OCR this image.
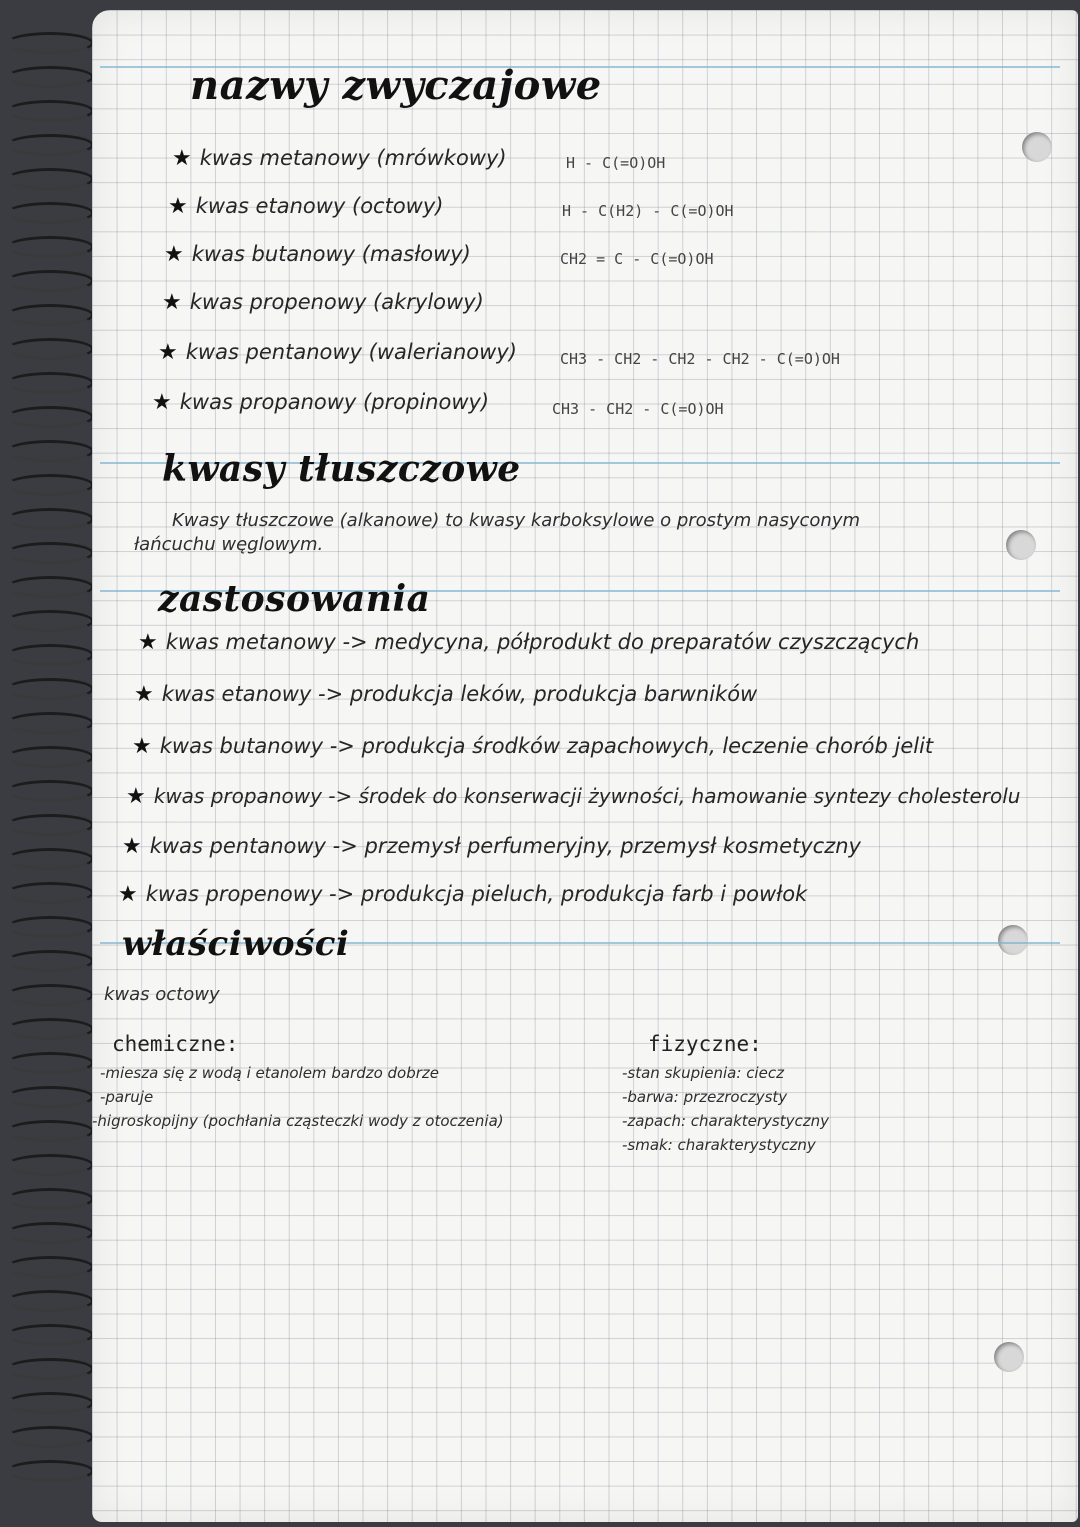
nazwy zwyczajowe
★ kwas metanowy (mrówkowy)	H - C(=O)OH
★ kwas etanowy (octowy)	H - C(H2) - C(=O)OH
★ kwas butanowy (masłowy)	CH2 = C - C(=O)OH
★ kwas propenowy (akrylowy)
★ kwas pentanowy (walerianowy)	CH3 - CH2 - CH2 - CH2 - C(=O)OH
★ kwas propanowy (propinowy)	CH3 - CH2 - C(=O)OH
kwasy tłuszczowe
Kwasy tłuszczowe (alkanowe) to kwasy karboksylowe o prostym nasyconym
łańcuchu węglowym.
zastosowania
★ kwas metanowy -> medycyna, półprodukt do preparatów czyszczących
★ kwas etanowy -> produkcja leków, produkcja barwników
★ kwas butanowy -> produkcja środków zapachowych, leczenie chorób jelit
★ kwas propanowy -> środek do konserwacji żywności, hamowanie syntezy cholesterolu
★ kwas pentanowy -> przemysł perfumeryjny, przemysł kosmetyczny
★ kwas propenowy -> produkcja pieluch, produkcja farb i powłok
właściwości
kwas octowy
chemiczne:
-miesza się z wodą i etanolem bardzo dobrze
-paruje
-higroskopijny (pochłania cząsteczki wody z otoczenia)
fizyczne:
-stan skupienia: ciecz
-barwa: przezroczysty
-zapach: charakterystyczny
-smak: charakterystyczny
